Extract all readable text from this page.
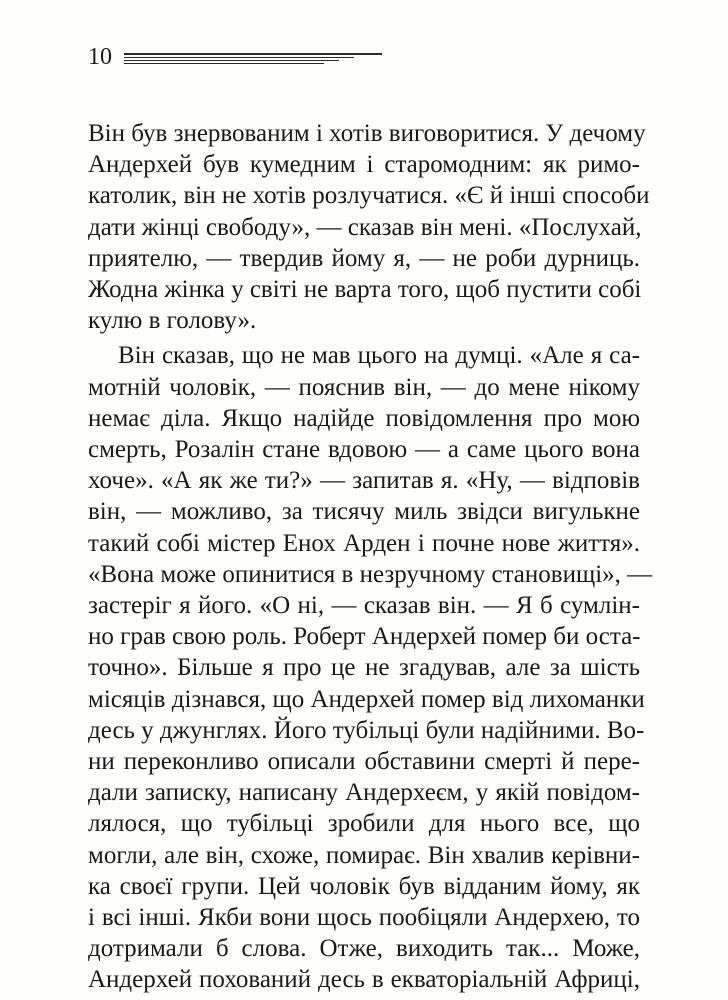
10

Він був знервованим і хотів виговоритися. У дечому
Андерхей був кумедним і старомодним: як римо-
католик, він не хотів розлучатися. «Є й інші способи
дати жінці свободу», — сказав він мені. «Послухай,
приятелю, — твердив йому я, — не роби дурниць.
Жодна жінка у світі не варта того, щоб пустити собі
кулю в голову».

Він сказав, що не мав цього на думці. «Але я са-
мотній чоловік, — пояснив він, — до мене нікому
немає діла. Якщо надійде повідомлення про мою
смерть, Розалін стане вдовою — а саме цього вона
хоче». «А як же ти?» — запитав я. «Ну, — відповів
він, — можливо, за тисячу миль звідси вигулькне
такий собі містер Енох Арден і почне нове життя».
«Вона може опинитися в незручному становищі», —
застеріг я його. «О ні, — сказав він. — Я б сумлін-
но грав свою роль. Роберт Андерхей помер би оста-
точно». Більше я про це не згадував, але за шість
місяців дізнався, що Андерхей помер від лихоманки
десь у джунглях. Його тубільці були надійними. Во-
ни переконливо описали обставини смерті й пере-
дали записку, написану Андерхеєм, у якій повідом-
лялося, що тубільці зробили для нього все, що
могли, але він, схоже, помирає. Він хвалив керівни-
ка своєї групи. Цей чоловік був відданим йому, як
і всі інші. Якби вони щось пообіцяли Андерхею, то
дотримали б слова. Отже, виходить так... Може,
Андерхей похований десь в екваторіальній Африці,
